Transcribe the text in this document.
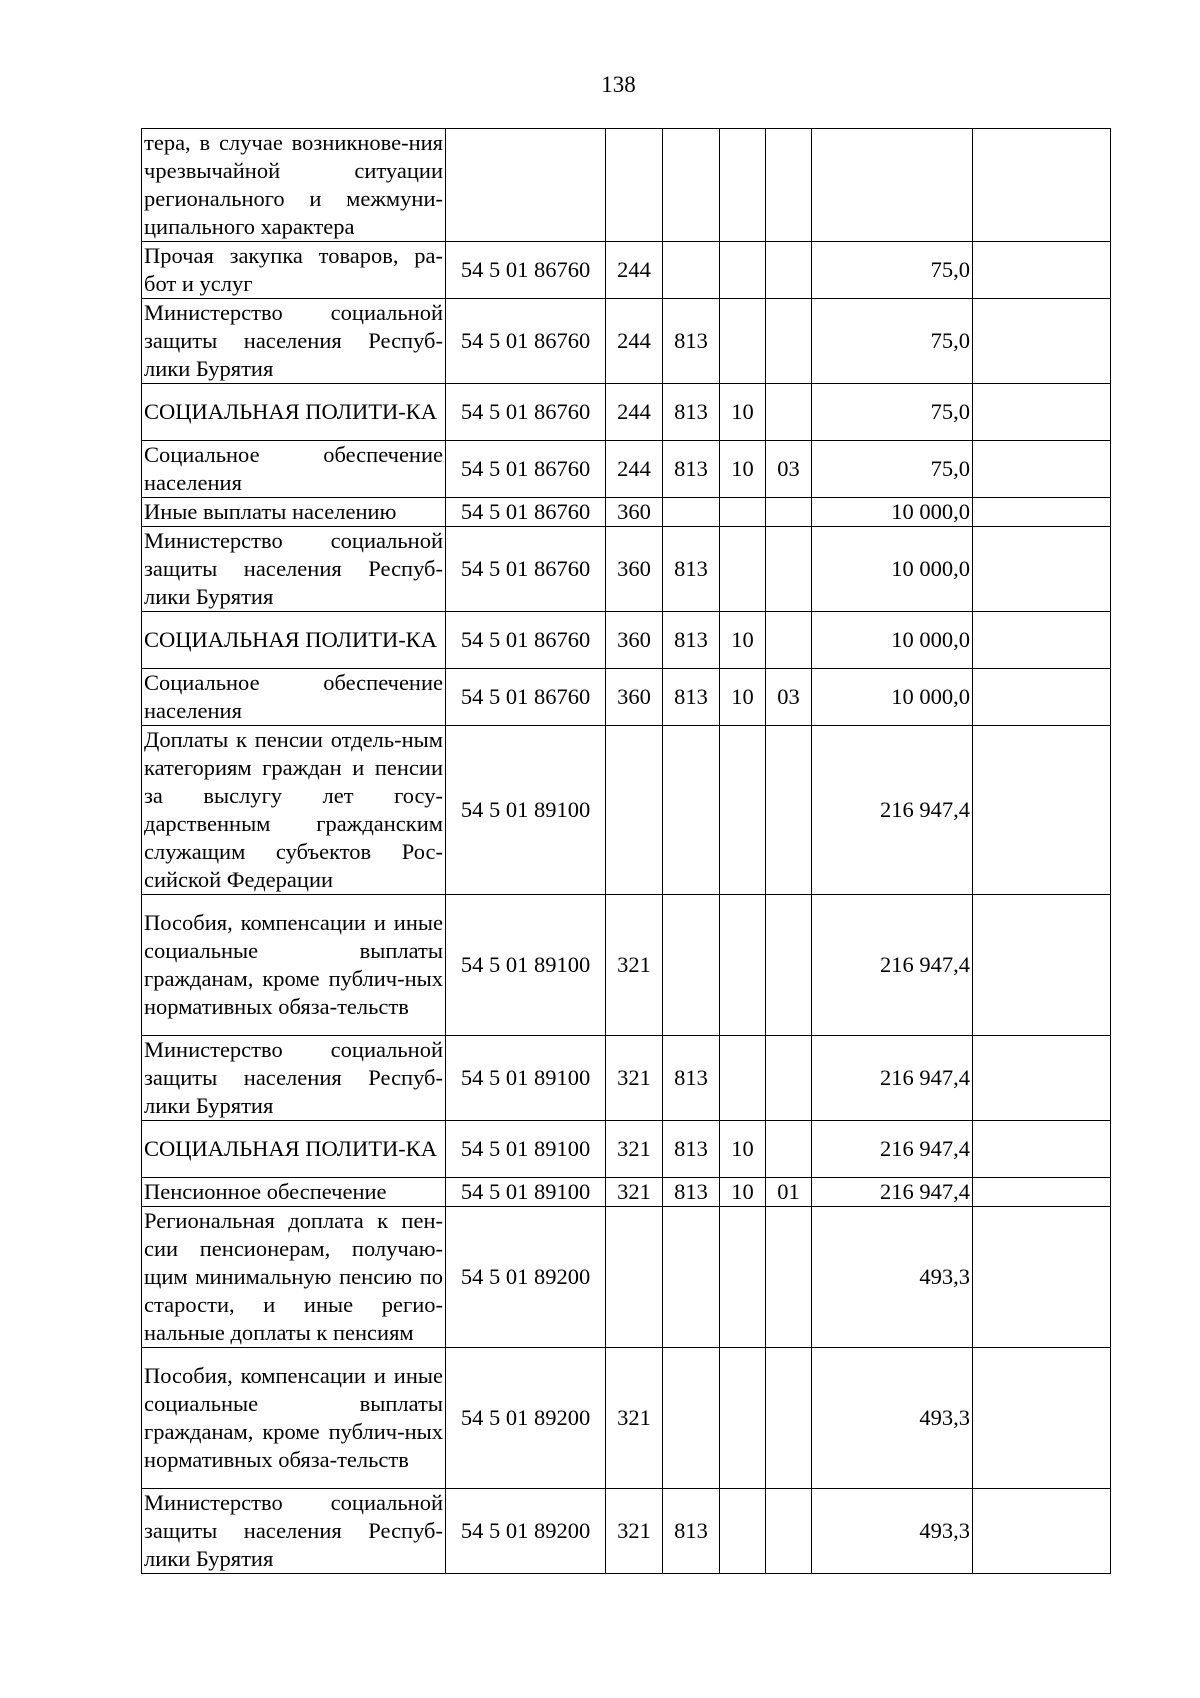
138
тера, в случае возникнове-ния чрезвычайной ситуации регионального и межмуни-ципального характера							
Прочая закупка товаров, ра-бот и услуг	54 5 01 86760	244				75,0	
Министерство социальной защиты населения Респуб-лики Бурятия	54 5 01 86760	244	813			75,0	
СОЦИАЛЬНАЯ ПОЛИТИ-КА	54 5 01 86760	244	813	10		75,0	
Социальное обеспечение населения	54 5 01 86760	244	813	10	03	75,0	
Иные выплаты населению	54 5 01 86760	360				10 000,0	
Министерство социальной защиты населения Респуб-лики Бурятия	54 5 01 86760	360	813			10 000,0	
СОЦИАЛЬНАЯ ПОЛИТИ-КА	54 5 01 86760	360	813	10		10 000,0	
Социальное обеспечение населения	54 5 01 86760	360	813	10	03	10 000,0	
Доплаты к пенсии отдель-ным категориям граждан и пенсии за выслугу лет госу-дарственным гражданским служащим субъектов Рос-сийской Федерации	54 5 01 89100					216 947,4	
Пособия, компенсации и иные социальные выплаты гражданам, кроме публич-ных нормативных обяза-тельств	54 5 01 89100	321				216 947,4	
Министерство социальной защиты населения Респуб-лики Бурятия	54 5 01 89100	321	813			216 947,4	
СОЦИАЛЬНАЯ ПОЛИТИ-КА	54 5 01 89100	321	813	10		216 947,4	
Пенсионное обеспечение	54 5 01 89100	321	813	10	01	216 947,4	
Региональная доплата к пен-сии пенсионерам, получаю-щим минимальную пенсию по старости, и иные регио-нальные доплаты к пенсиям	54 5 01 89200					493,3	
Пособия, компенсации и иные социальные выплаты гражданам, кроме публич-ных нормативных обяза-тельств	54 5 01 89200	321				493,3	
Министерство социальной защиты населения Респуб-лики Бурятия	54 5 01 89200	321	813			493,3	
